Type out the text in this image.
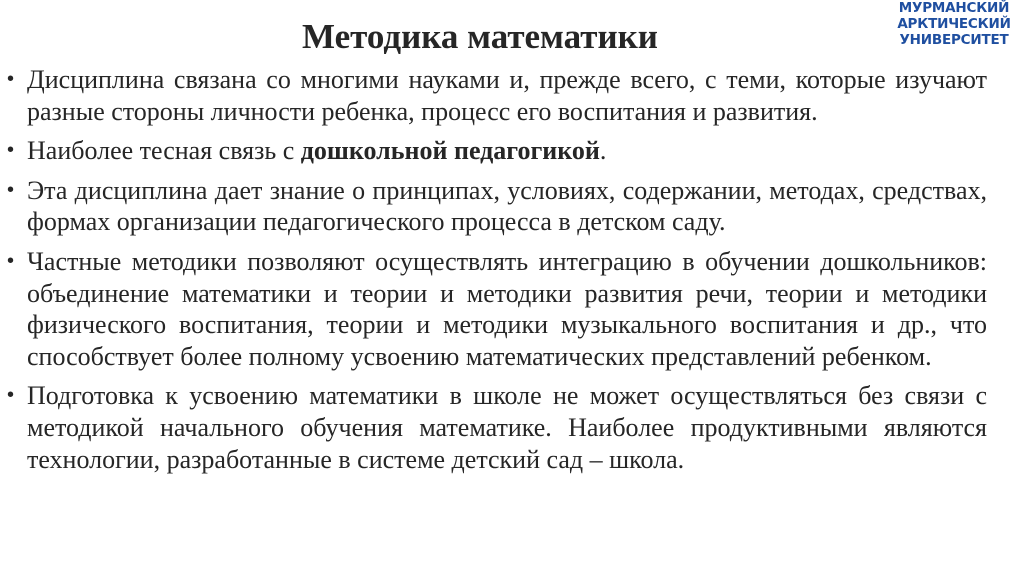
МУРМАНСКИЙ
АРКТИЧЕСКИЙ
УНИВЕРСИТЕТ
Методика математики
• Дисциплина связана со многими науками и, прежде всего, с теми, которые изучают разные стороны личности ребенка, процесс его воспитания и развития.
• Наиболее тесная связь с дошкольной педагогикой.
• Эта дисциплина дает знание о принципах, условиях, содержании, методах, средствах, формах организации педагогического процесса в детском саду.
• Частные методики позволяют осуществлять интеграцию в обучении дошкольников: объединение математики и теории и методики развития речи, теории и методики физического воспитания, теории и методики музыкального воспитания и др., что способствует более полному усвоению математических представлений ребенком.
• Подготовка к усвоению математики в школе не может осуществляться без связи с методикой начального обучения математике. Наиболее продуктивными являются технологии, разработанные в системе детский сад – школа.
